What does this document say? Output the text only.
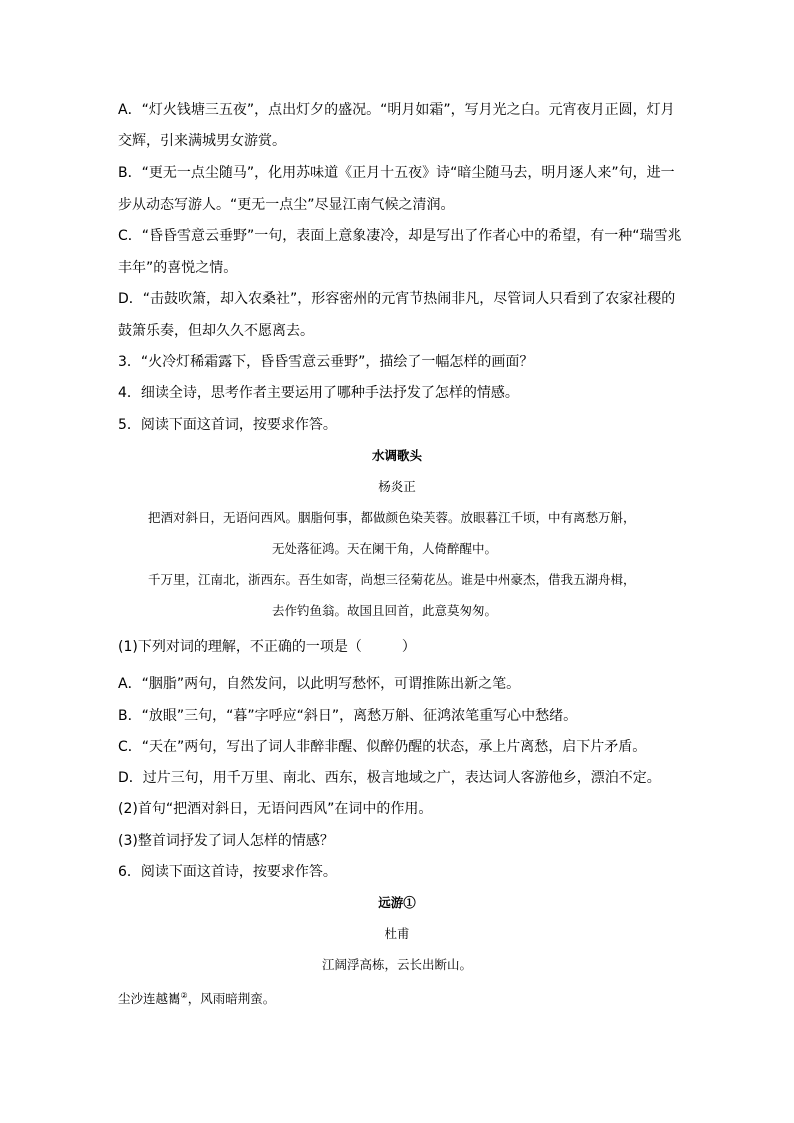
A．“灯火钱塘三五夜”，点出灯夕的盛况。“明月如霜”，写月光之白。元宵夜月正圆，灯月
交辉，引来满城男女游赏。
B．“更无一点尘随马”，化用苏味道《正月十五夜》诗“暗尘随马去，明月逐人来”句，进一
步从动态写游人。“更无一点尘”尽显江南气候之清润。
C．“昏昏雪意云垂野”一句，表面上意象凄冷，却是写出了作者心中的希望，有一种“瑞雪兆
丰年”的喜悦之情。
D．“击鼓吹箫，却入农桑社”，形容密州的元宵节热闹非凡，尽管词人只看到了农家社稷的
鼓箫乐奏，但却久久不愿离去。
3．“火冷灯稀霜露下，昏昏雪意云垂野”，描绘了一幅怎样的画面？
4．细读全诗，思考作者主要运用了哪种手法抒发了怎样的情感。
5．阅读下面这首词，按要求作答。
水调歌头
杨炎正
把酒对斜日，无语问西风。胭脂何事，都做颜色染芙蓉。放眼暮江千顷，中有离愁万斛，
无处落征鸿。天在阑干角，人倚醉醒中。
千万里，江南北，浙西东。吾生如寄，尚想三径菊花丛。谁是中州豪杰，借我五湖舟楫，
去作钓鱼翁。故国且回首，此意莫匆匆。
(1)下列对词的理解，不正确的一项是（	）
A．“胭脂”两句，自然发问，以此明写愁怀，可谓推陈出新之笔。
B．“放眼”三句，“暮”字呼应“斜日”，离愁万斛、征鸿浓笔重写心中愁绪。
C．“天在”两句，写出了词人非醉非醒、似醉仍醒的状态，承上片离愁，启下片矛盾。
D．过片三句，用千万里、南北、西东，极言地域之广，表达词人客游他乡，漂泊不定。
(2)首句“把酒对斜日，无语问西风”在词中的作用。
(3)整首词抒发了词人怎样的情感？
6．阅读下面这首诗，按要求作答。
远游①
杜甫
江阔浮高栋，云长出断山。
尘沙连越巂②，风雨暗荆蛮。
